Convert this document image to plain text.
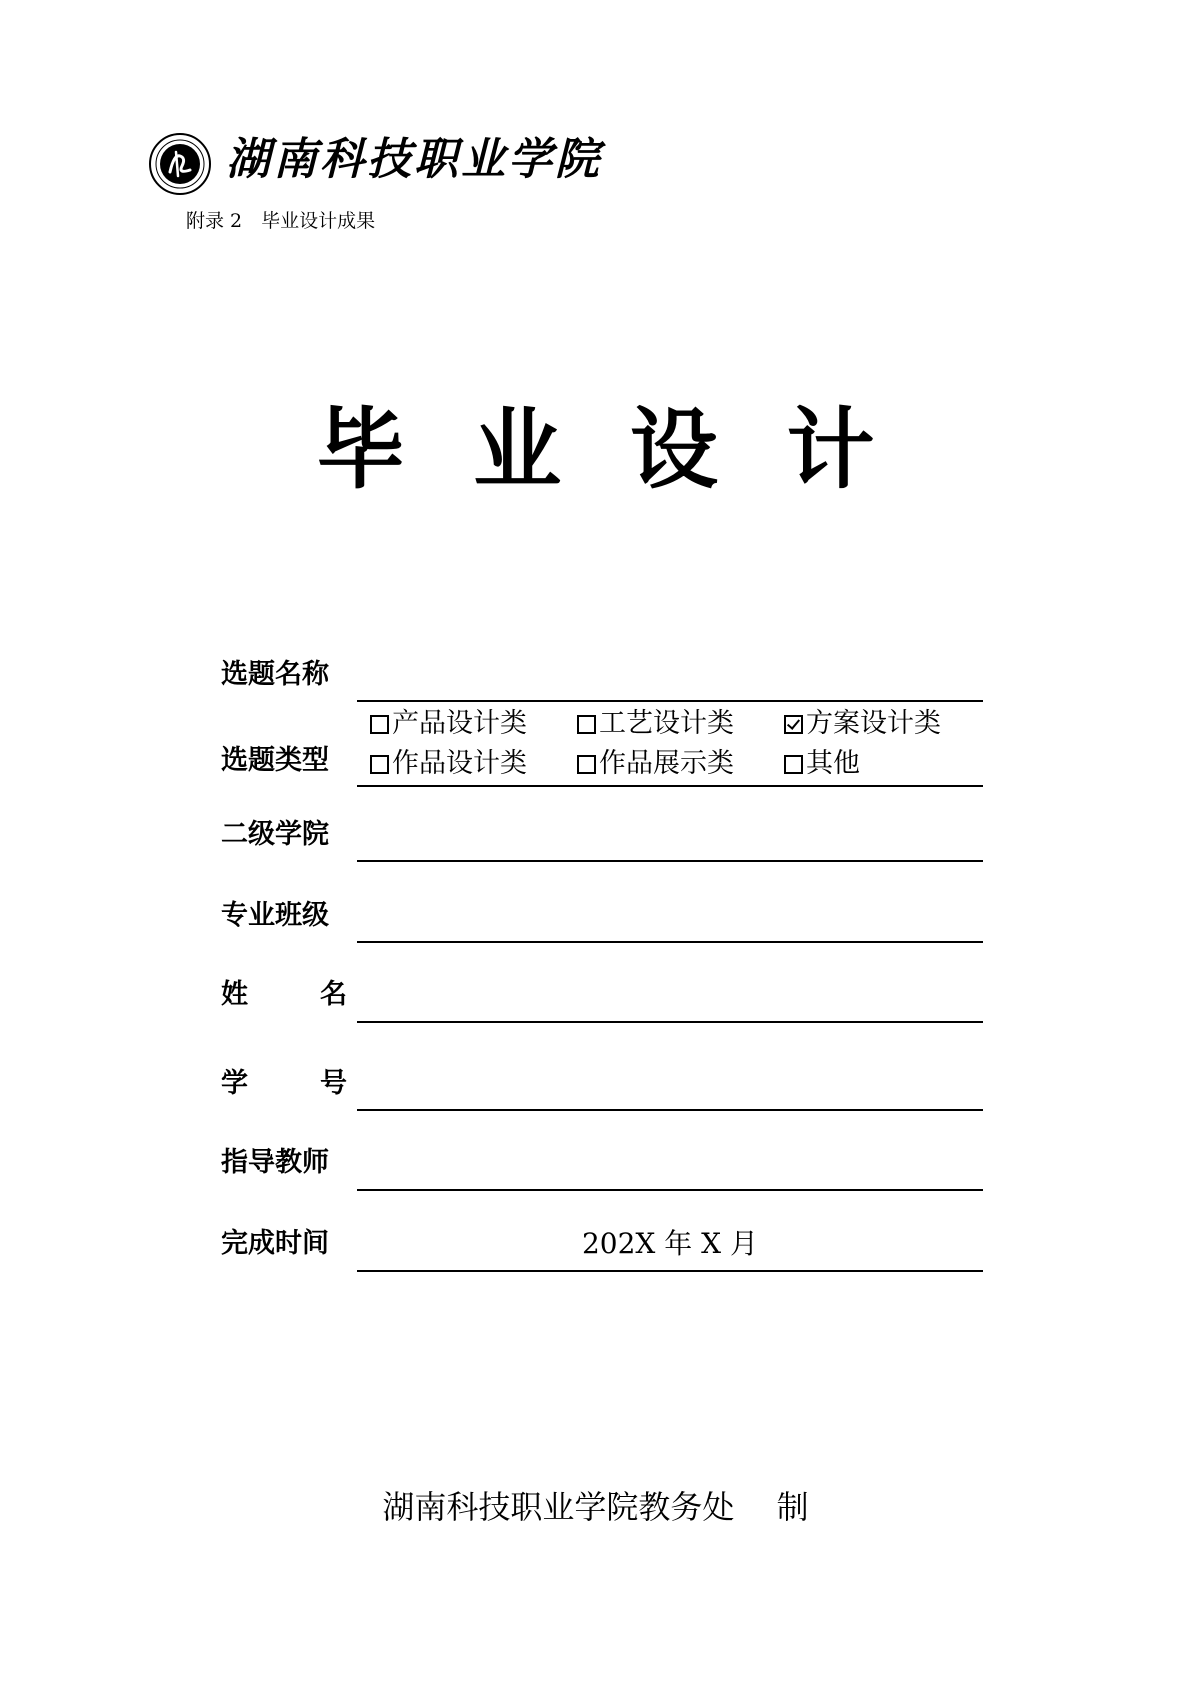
湖南科技职业学院
附录 2　毕业设计成果
毕 业 设 计
选题名称
选题类型
产品设计类	工艺设计类	方案设计类
作品设计类	作品展示类	其他
二级学院
专业班级
姓	名
学	号
指导教师
完成时间	202X 年 X 月
湖南科技职业学院教务处　 制
